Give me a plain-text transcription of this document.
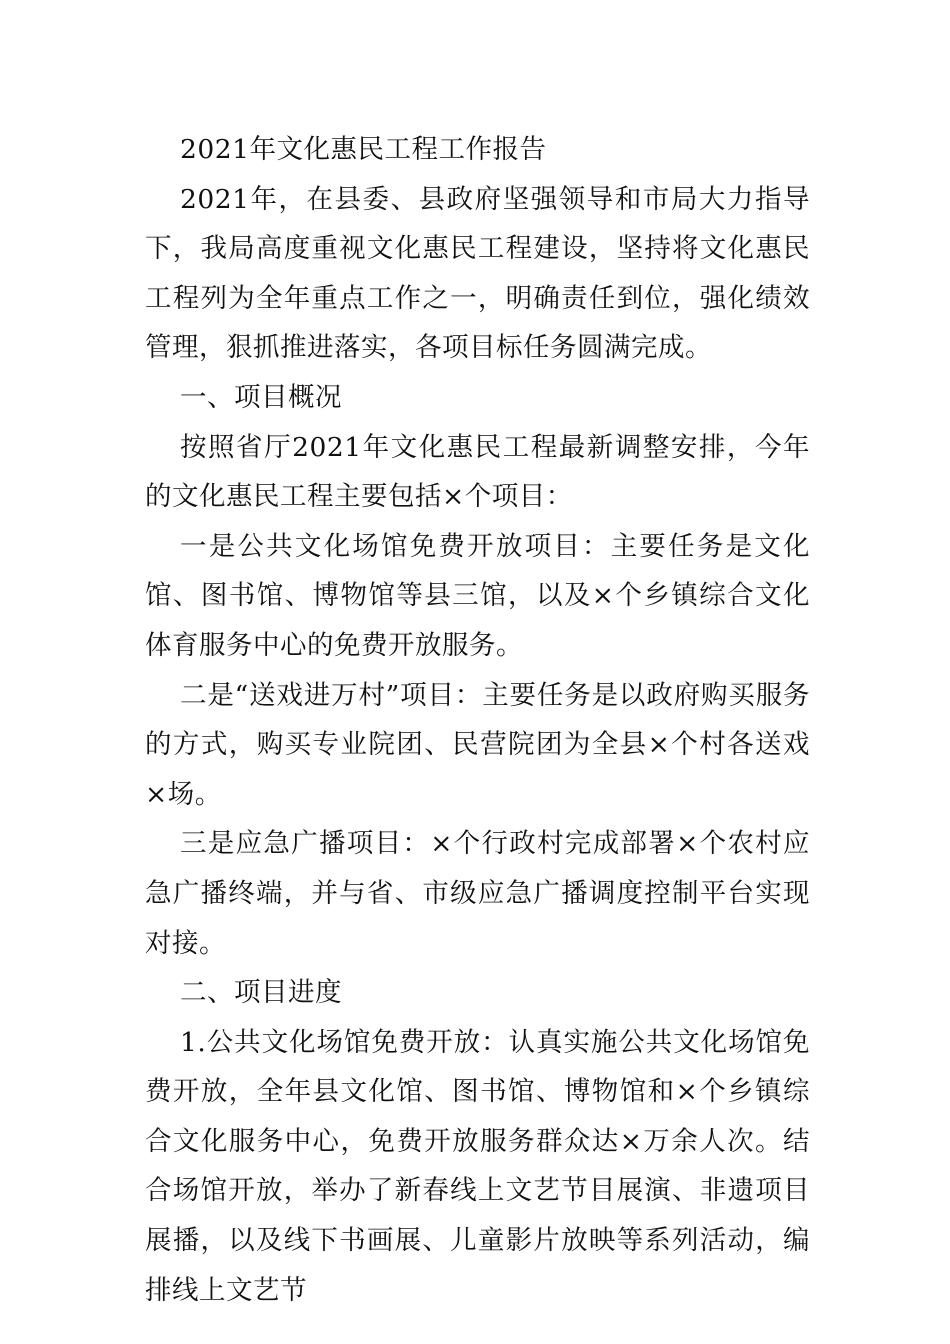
2021年文化惠民工程工作报告

2021年，在县委、县政府坚强领导和市局大力指导下，我局高度重视文化惠民工程建设，坚持将文化惠民工程列为全年重点工作之一，明确责任到位，强化绩效管理，狠抓推进落实，各项目标任务圆满完成。

一、项目概况

按照省厅2021年文化惠民工程最新调整安排，今年的文化惠民工程主要包括×个项目：

一是公共文化场馆免费开放项目：主要任务是文化馆、图书馆、博物馆等县三馆，以及×个乡镇综合文化体育服务中心的免费开放服务。

二是“送戏进万村”项目：主要任务是以政府购买服务的方式，购买专业院团、民营院团为全县×个村各送戏×场。

三是应急广播项目：×个行政村完成部署×个农村应急广播终端，并与省、市级应急广播调度控制平台实现对接。

二、项目进度

1.公共文化场馆免费开放：认真实施公共文化场馆免费开放，全年县文化馆、图书馆、博物馆和×个乡镇综合文化服务中心，免费开放服务群众达×万余人次。结合场馆开放，举办了新春线上文艺节目展演、非遗项目展播，以及线下书画展、儿童影片放映等系列活动，编排线上文艺节
